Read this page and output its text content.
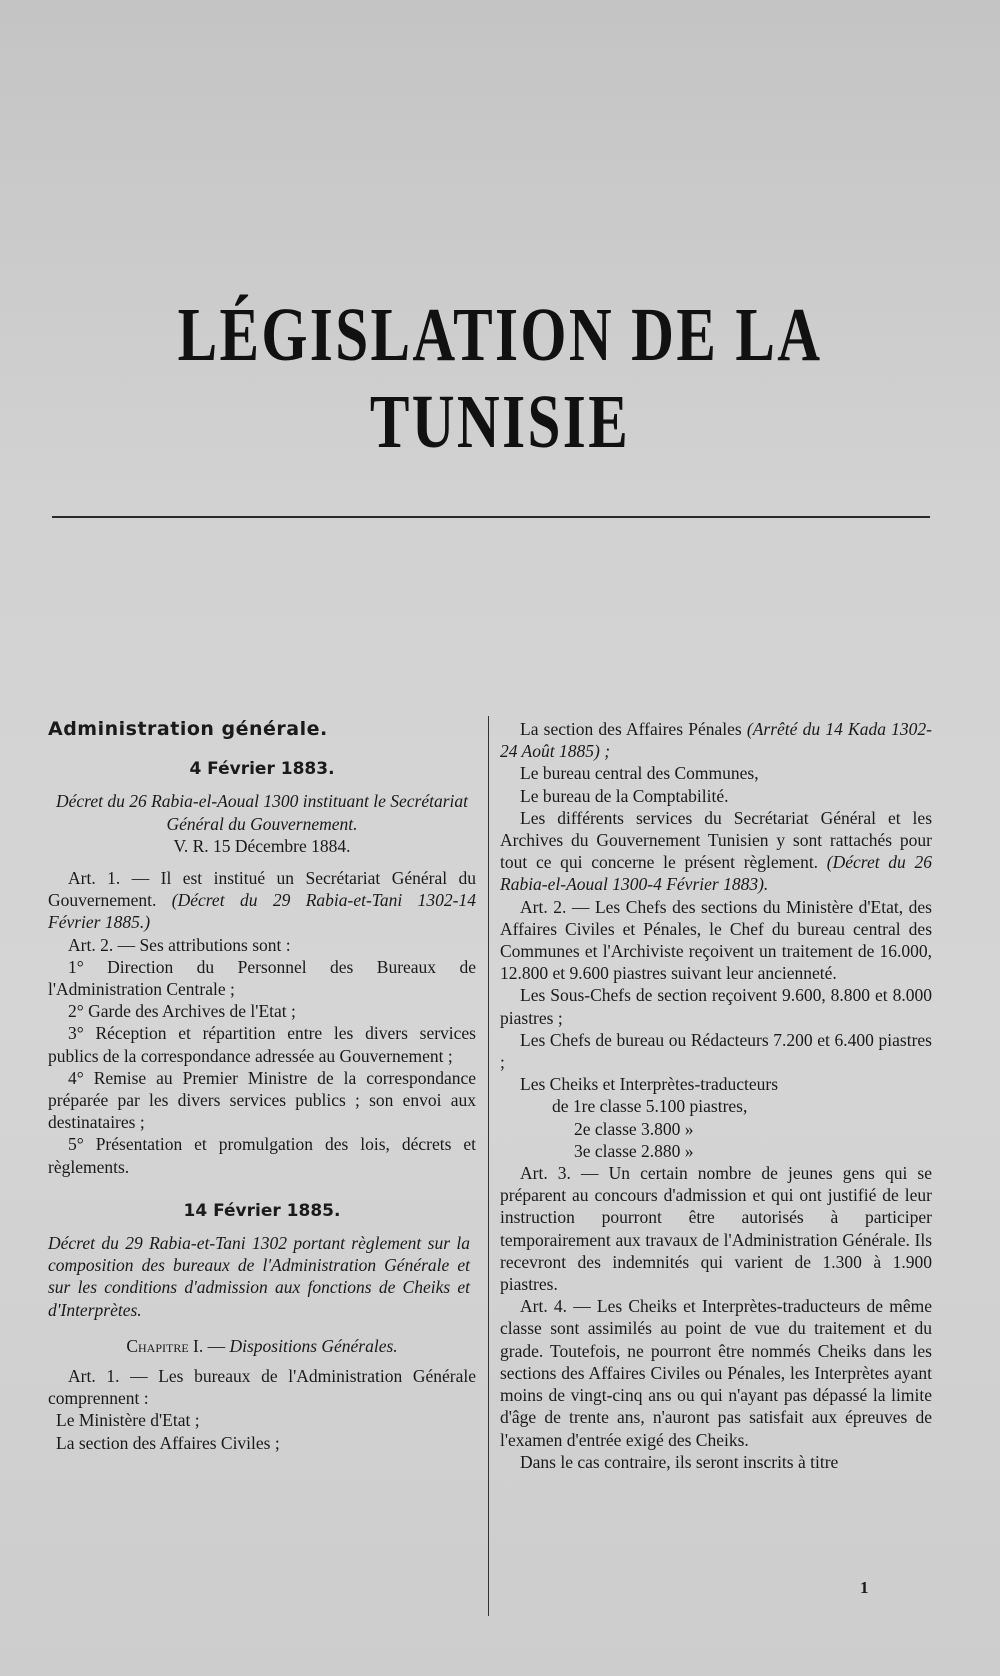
LÉGISLATION DE LA TUNISIE

Administration générale.

4 Février 1883.

Décret du 26 Rabia-el-Aoual 1300 instituant le Secrétariat Général du Gouvernement.

V. R. 15 Décembre 1884.

Art. 1. — Il est institué un Secrétariat Général du Gouvernement. (Décret du 29 Rabia-et-Tani 1302-14 Février 1885.)

Art. 2. — Ses attributions sont :

1° Direction du Personnel des Bureaux de l'Administration Centrale ;

2° Garde des Archives de l'Etat ;

3° Réception et répartition entre les divers services publics de la correspondance adressée au Gouvernement ;

4° Remise au Premier Ministre de la correspondance préparée par les divers services publics ; son envoi aux destinataires ;

5° Présentation et promulgation des lois, décrets et règlements.

14 Février 1885.

Décret du 29 Rabia-et-Tani 1302 portant règlement sur la composition des bureaux de l'Administration Générale et sur les conditions d'admission aux fonctions de Cheiks et d'Interprètes.

Chapitre I. — Dispositions Générales.

Art. 1. — Les bureaux de l'Administration Générale comprennent :

Le Ministère d'Etat ;

La section des Affaires Civiles ;

La section des Affaires Pénales (Arrêté du 14 Kada 1302-24 Août 1885) ;

Le bureau central des Communes,

Le bureau de la Comptabilité.

Les différents services du Secrétariat Général et les Archives du Gouvernement Tunisien y sont rattachés pour tout ce qui concerne le présent règlement. (Décret du 26 Rabia-el-Aoual 1300-4 Février 1883).

Art. 2. — Les Chefs des sections du Ministère d'Etat, des Affaires Civiles et Pénales, le Chef du bureau central des Communes et l'Archiviste reçoivent un traitement de 16.000, 12.800 et 9.600 piastres suivant leur ancienneté.

Les Sous-Chefs de section reçoivent 9.600, 8.800 et 8.000 piastres ;

Les Chefs de bureau ou Rédacteurs 7.200 et 6.400 piastres ;

Les Cheiks et Interprètes-traducteurs

de 1re classe 5.100 piastres,

2e classe 3.800 »

3e classe 2.880 »

Art. 3. — Un certain nombre de jeunes gens qui se préparent au concours d'admission et qui ont justifié de leur instruction pourront être autorisés à participer temporairement aux travaux de l'Administration Générale. Ils recevront des indemnités qui varient de 1.300 à 1.900 piastres.

Art. 4. — Les Cheiks et Interprètes-traducteurs de même classe sont assimilés au point de vue du traitement et du grade. Toutefois, ne pourront être nommés Cheiks dans les sections des Affaires Civiles ou Pénales, les Interprètes ayant moins de vingt-cinq ans ou qui n'ayant pas dépassé la limite d'âge de trente ans, n'auront pas satisfait aux épreuves de l'examen d'entrée exigé des Cheiks.

Dans le cas contraire, ils seront inscrits à titre

1
